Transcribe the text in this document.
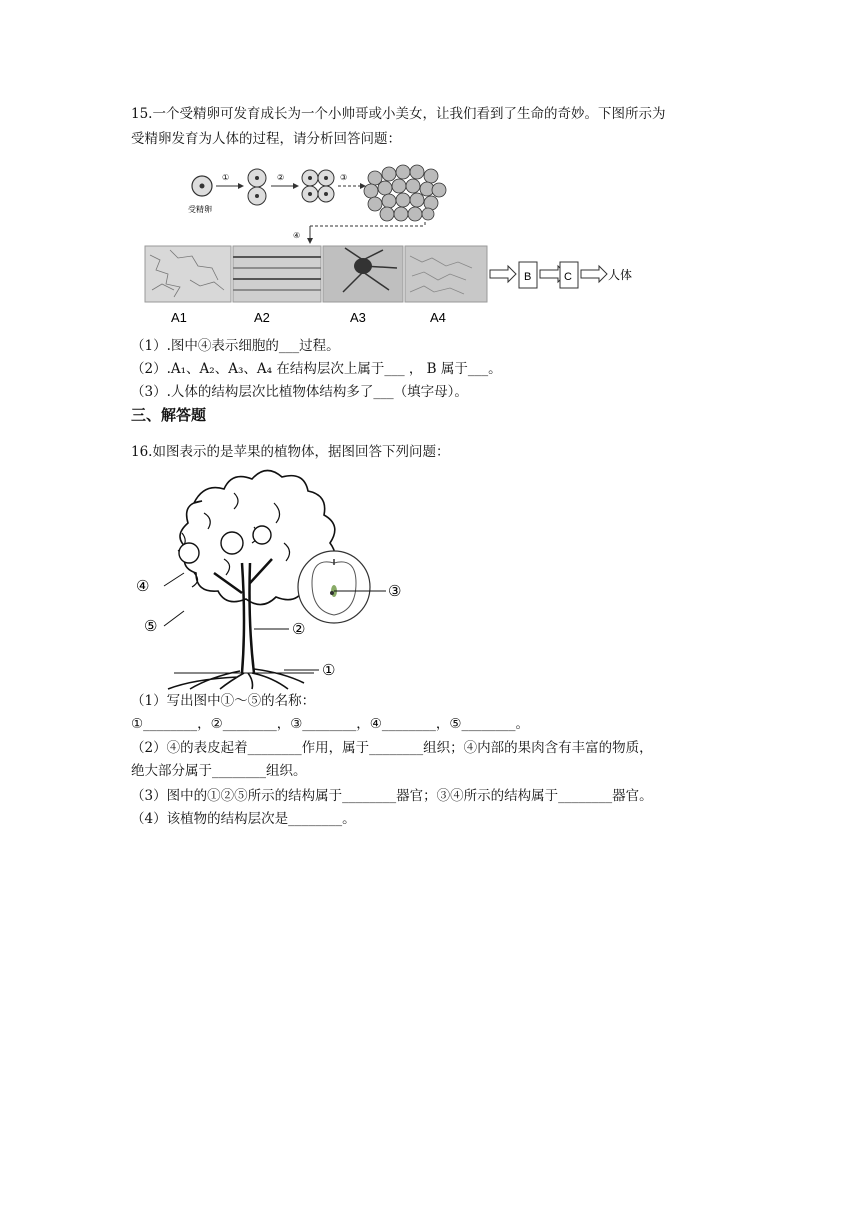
15.一个受精卵可发育成长为一个小帅哥或小美女，让我们看到了生命的奇妙。下图所示为
受精卵发育为人体的过程，请分析回答问题：
受精卵
①	②	③
④
B	C	人体
A1	A2	A3	A4
（1）.图中④表示细胞的___过程。
（2）.A₁、A₂、A₃、A₄ 在结构层次上属于___ ， B 属于___。
（3）.人体的结构层次比植物体结构多了___（填字母）。
三、解答题
16.如图表示的是苹果的植物体，据图回答下列问题：
④
⑤	②
③
①
（1）写出图中①～⑤的名称：
①________，②________，③________，④________，⑤________。
（2）④的表皮起着________作用，属于________组织；④内部的果肉含有丰富的物质，
绝大部分属于________组织。
（3）图中的①②⑤所示的结构属于________器官；③④所示的结构属于________器官。
（4）该植物的结构层次是________。
